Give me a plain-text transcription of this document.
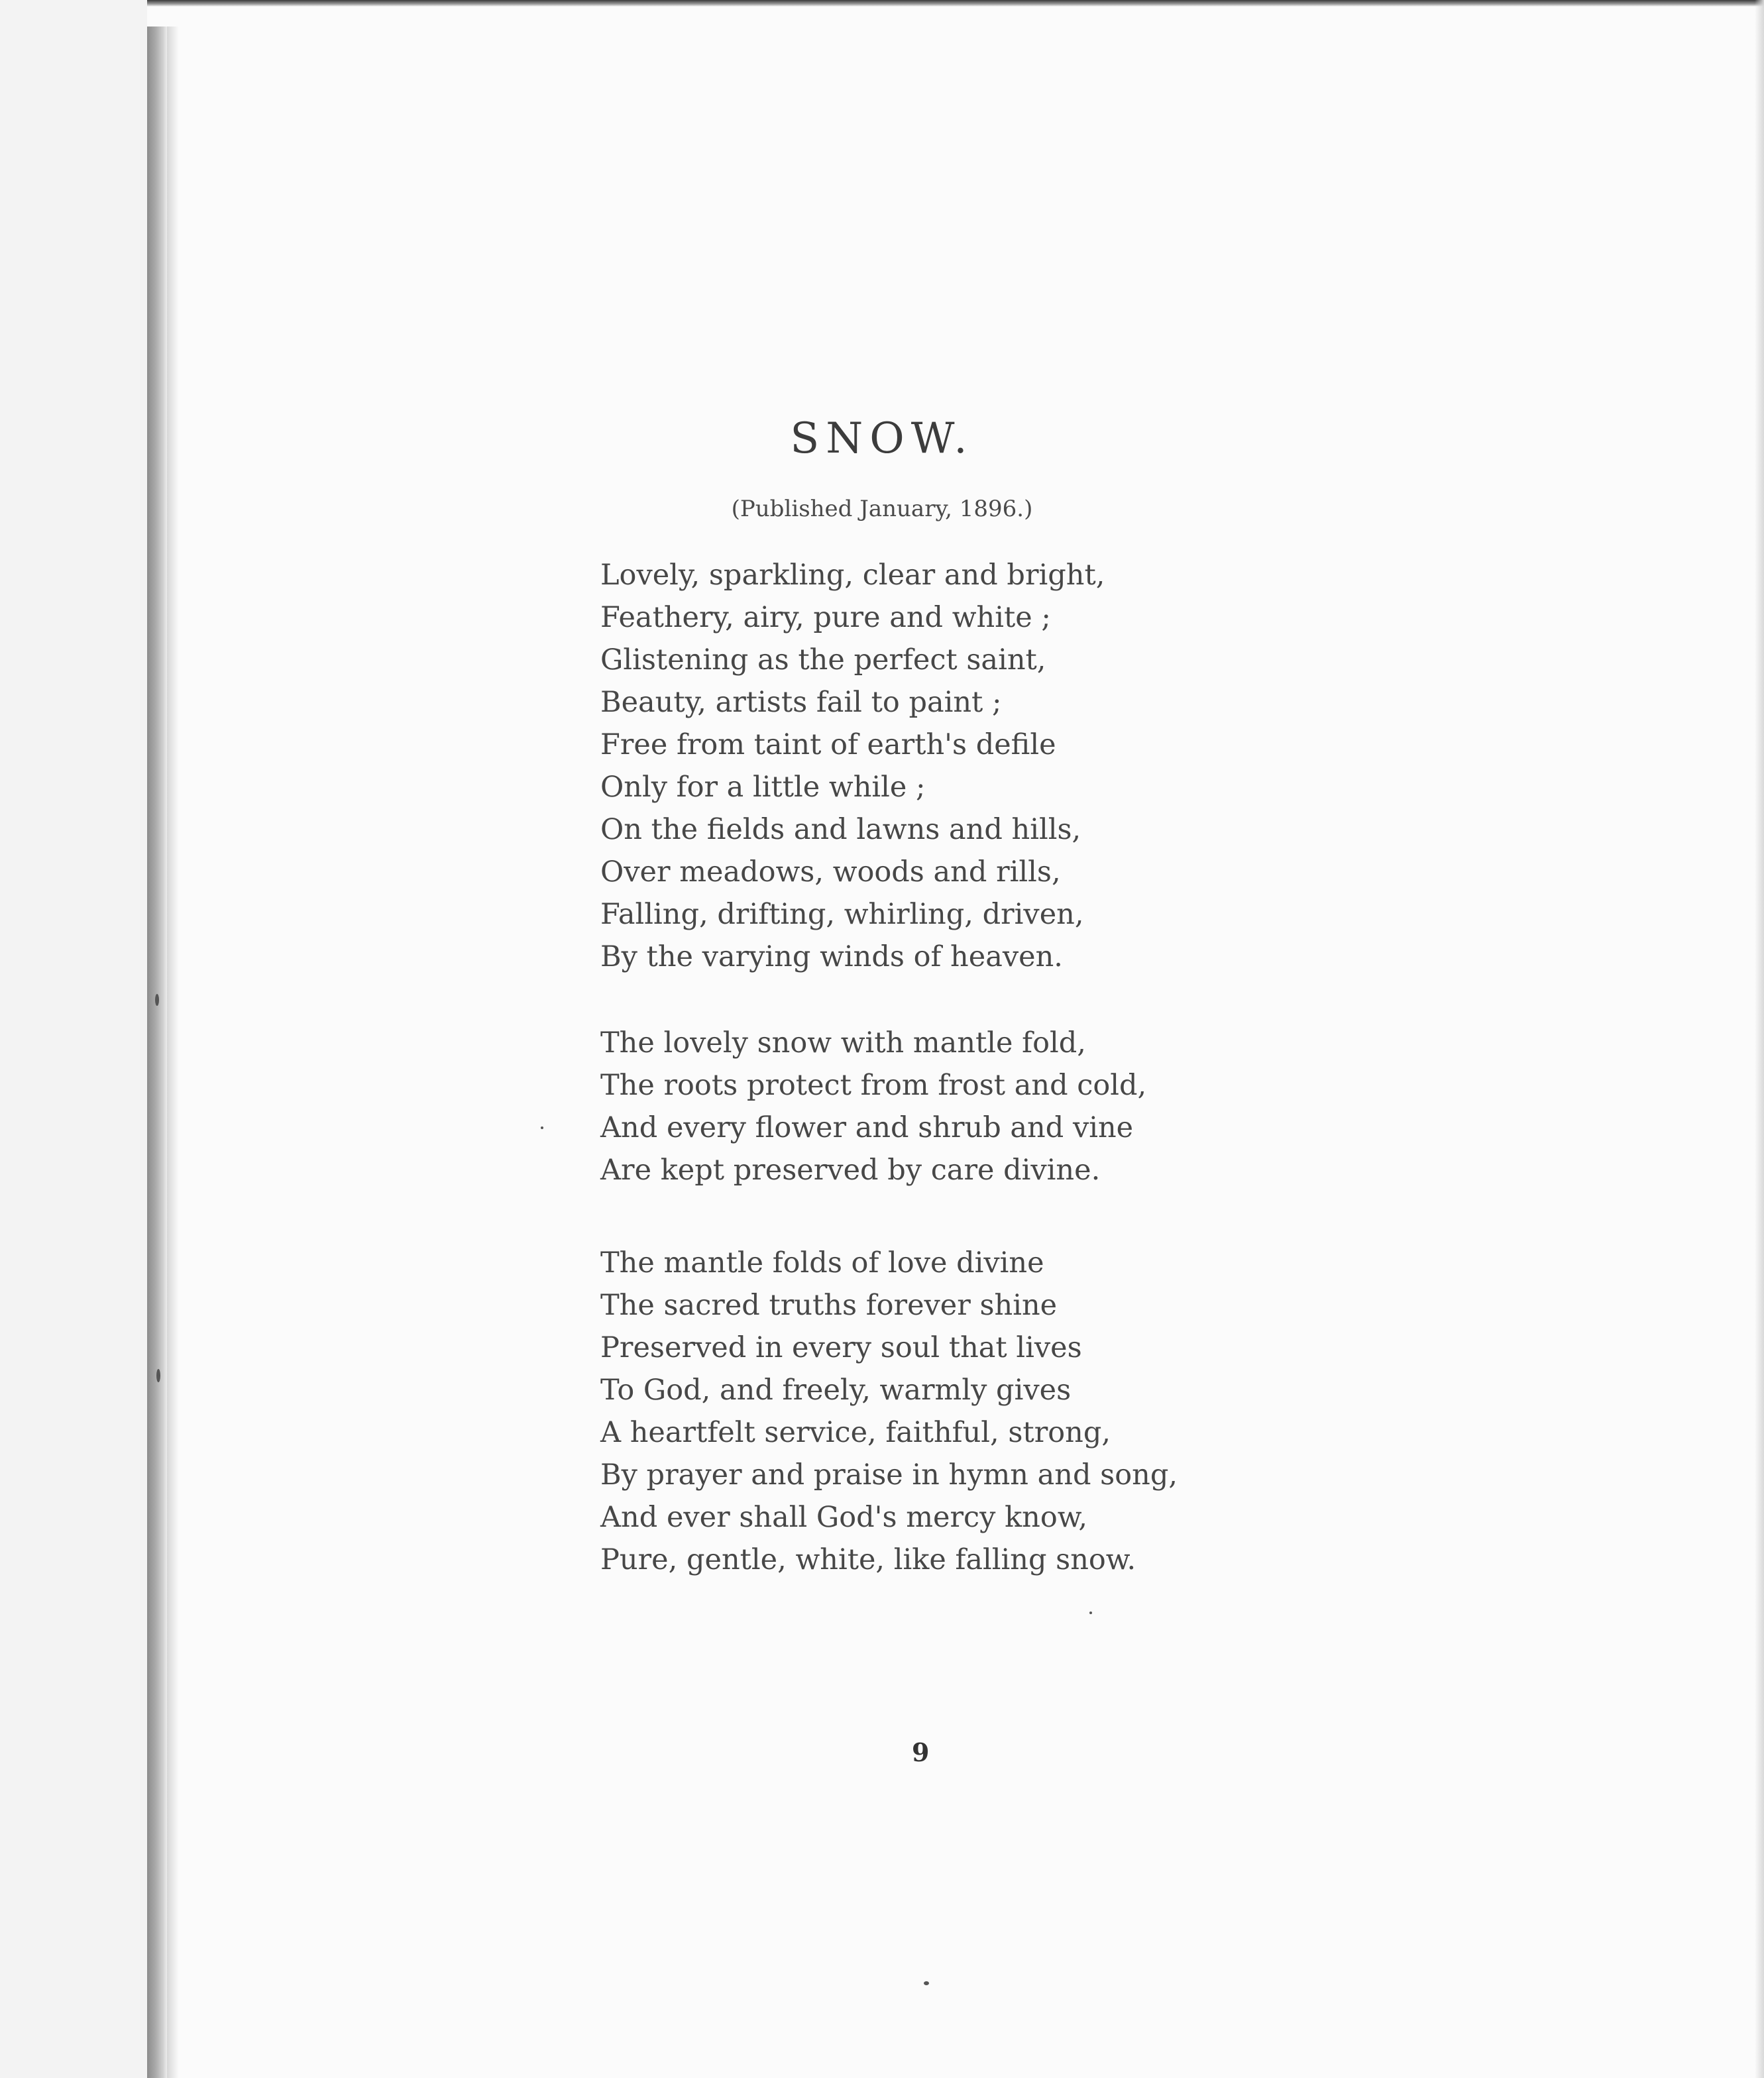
SNOW.
(Published January, 1896.)
Lovely, sparkling, clear and bright,
Feathery, airy, pure and white ;
Glistening as the perfect saint,
Beauty, artists fail to paint ;
Free from taint of earth's defile
Only for a little while ;
On the fields and lawns and hills,
Over meadows, woods and rills,
Falling, drifting, whirling, driven,
By the varying winds of heaven.
The lovely snow with mantle fold,
The roots protect from frost and cold,
And every flower and shrub and vine
Are kept preserved by care divine.
The mantle folds of love divine
The sacred truths forever shine
Preserved in every soul that lives
To God, and freely, warmly gives
A heartfelt service, faithful, strong,
By prayer and praise in hymn and song,
And ever shall God's mercy know,
Pure, gentle, white, like falling snow.
9
